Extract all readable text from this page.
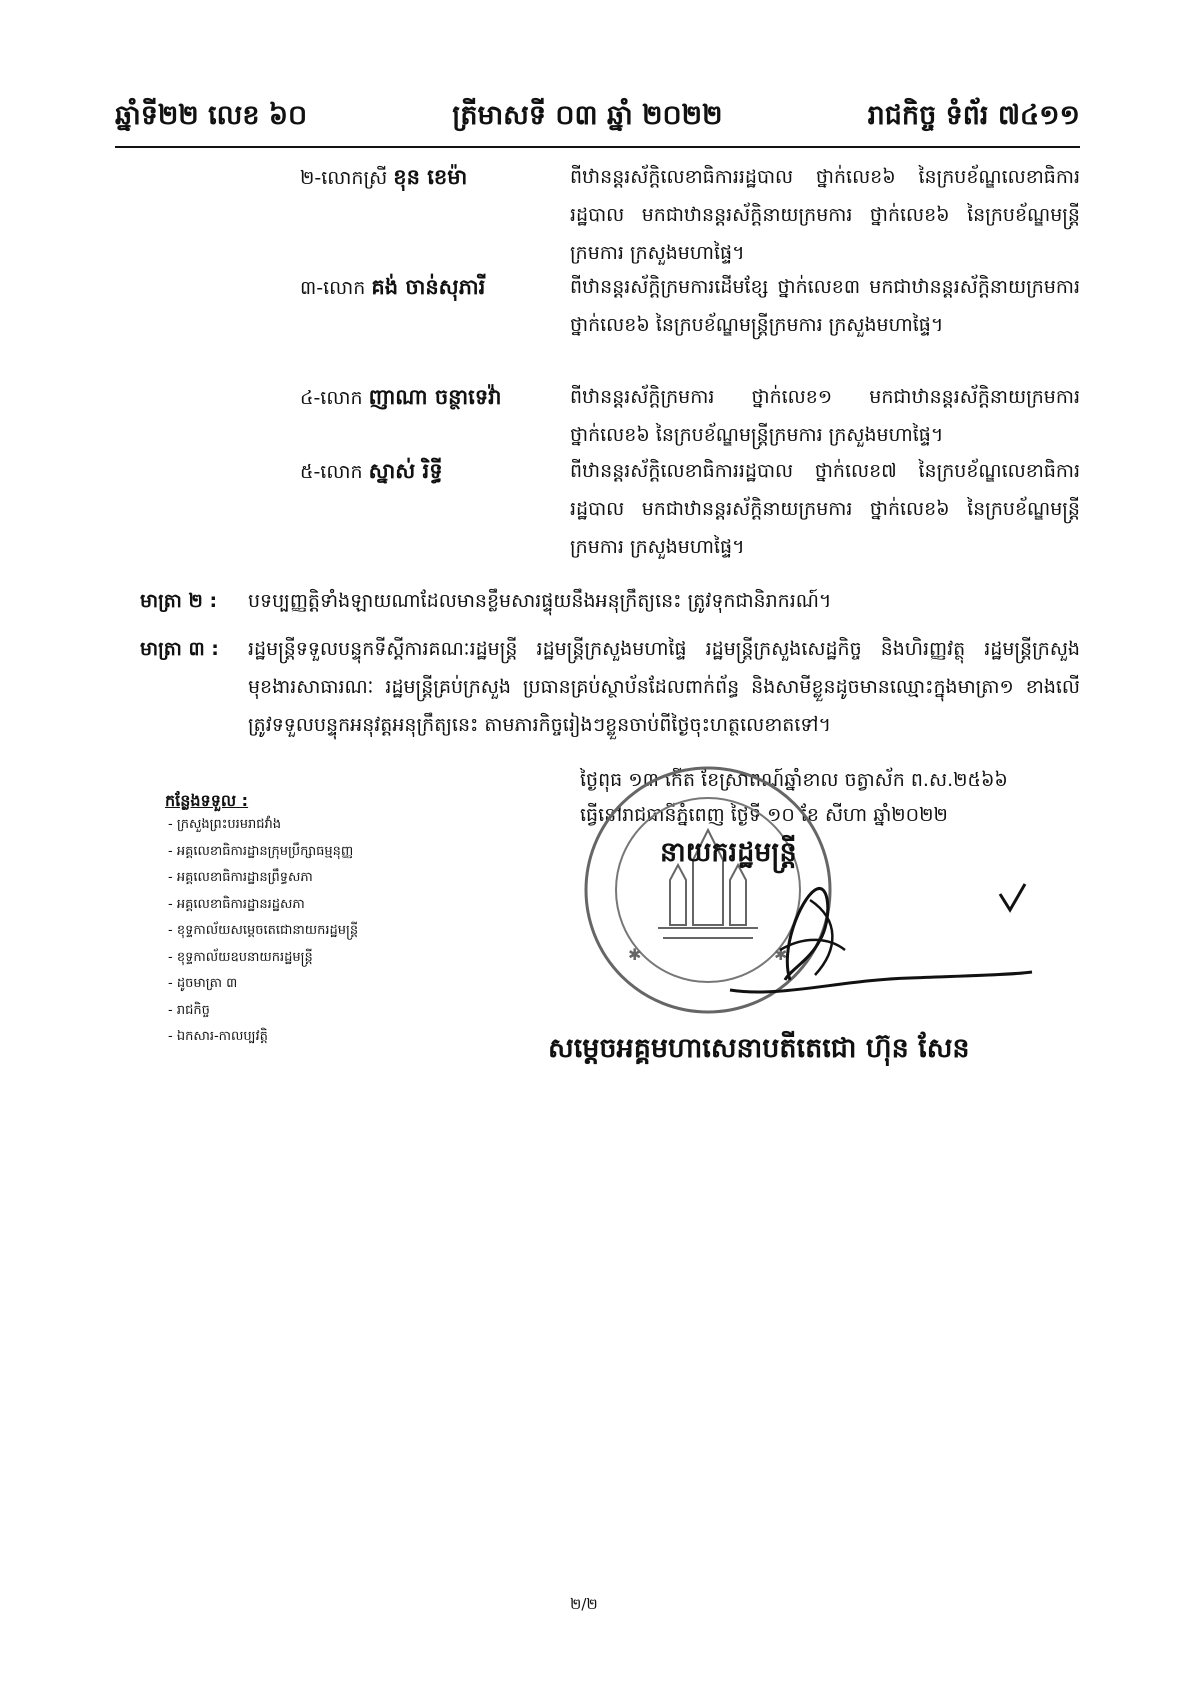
ឆ្នាំទី២២ លេខ ៦០	ត្រីមាសទី ០៣ ឆ្នាំ ២០២២	រាជកិច្ច ទំព័រ ៧៤១១
២-លោកស្រី ខុន ខេម៉ា	ពីឋានន្តរស័ក្តិលេខាធិការរដ្ឋបាល ថ្នាក់លេខ៦ នៃក្របខ័ណ្ឌលេខាធិការរដ្ឋបាល មកជាឋានន្តរស័ក្តិនាយក្រមការ ថ្នាក់លេខ៦ នៃក្របខ័ណ្ឌមន្ត្រីក្រមការ ក្រសួងមហាផ្ទៃ។
៣-លោក គង់ ចាន់សុភារី	ពីឋានន្តរស័ក្តិក្រមការដើមខ្សែ ថ្នាក់លេខ៣ មកជាឋានន្តរស័ក្តិនាយក្រមការ ថ្នាក់លេខ៦ នៃក្របខ័ណ្ឌមន្ត្រីក្រមការ ក្រសួងមហាផ្ទៃ។
៤-លោក ញាណា ចន្ថាទេវ៉ា	ពីឋានន្តរស័ក្តិក្រមការ ថ្នាក់លេខ១ មកជាឋានន្តរស័ក្តិនាយក្រមការ ថ្នាក់លេខ៦ នៃក្របខ័ណ្ឌមន្ត្រីក្រមការ ក្រសួងមហាផ្ទៃ។
៥-លោក ស្នាស់ រិទ្ធី	ពីឋានន្តរស័ក្តិលេខាធិការរដ្ឋបាល ថ្នាក់លេខ៧ នៃក្របខ័ណ្ឌលេខាធិការរដ្ឋបាល មកជាឋានន្តរស័ក្តិនាយក្រមការ ថ្នាក់លេខ៦ នៃក្របខ័ណ្ឌមន្ត្រីក្រមការ ក្រសួងមហាផ្ទៃ។
មាត្រា ២ : បទប្បញ្ញត្តិទាំងឡាយណាដែលមានខ្លឹមសារផ្ទុយនឹងអនុក្រឹត្យនេះ ត្រូវទុកជានិរាករណ៍។
មាត្រា ៣ : រដ្ឋមន្ត្រីទទួលបន្ទុកទីស្តីការគណៈរដ្ឋមន្ត្រី រដ្ឋមន្ត្រីក្រសួងមហាផ្ទៃ រដ្ឋមន្ត្រីក្រសួងសេដ្ឋកិច្ច និងហិរញ្ញវត្ថុ រដ្ឋមន្ត្រីក្រសួងមុខងារសាធារណៈ រដ្ឋមន្ត្រីគ្រប់ក្រសួង ប្រធានគ្រប់ស្ថាប័នដែលពាក់ព័ន្ធ និងសាមីខ្លួនដូចមានឈ្មោះក្នុងមាត្រា១ ខាងលើ ត្រូវទទួលបន្ទុកអនុវត្តអនុក្រឹត្យនេះ តាមភារកិច្ចរៀងៗខ្លួនចាប់ពីថ្ងៃចុះហត្ថលេខាតទៅ។
ថ្ងៃពុធ ១៣ កើត ខែស្រាពណ៍ឆ្នាំខាល ចត្វាស័ក ព.ស.២៥៦៦
ធ្វើនៅរាជធានីភ្នំពេញ ថ្ងៃទី ១០ ខែ សីហា ឆ្នាំ២០២២
✱	✱
នាយករដ្ឋមន្ត្រី
សម្តេចអគ្គមហាសេនាបតីតេជោ ហ៊ុន សែន
កន្លែងទទួល :
- ក្រសួងព្រះបរមរាជវាំង
- អគ្គលេខាធិការដ្ឋានក្រុមប្រឹក្សាធម្មនុញ្ញ
- អគ្គលេខាធិការដ្ឋានព្រឹទ្ធសភា
- អគ្គលេខាធិការដ្ឋានរដ្ឋសភា
- ខុទ្ទកាល័យសម្តេចតេជោនាយករដ្ឋមន្ត្រី
- ខុទ្ទកាល័យឧបនាយករដ្ឋមន្ត្រី
- ដូចមាត្រា ៣
- រាជកិច្ច
- ឯកសារ-កាលប្បវត្តិ
២/២
